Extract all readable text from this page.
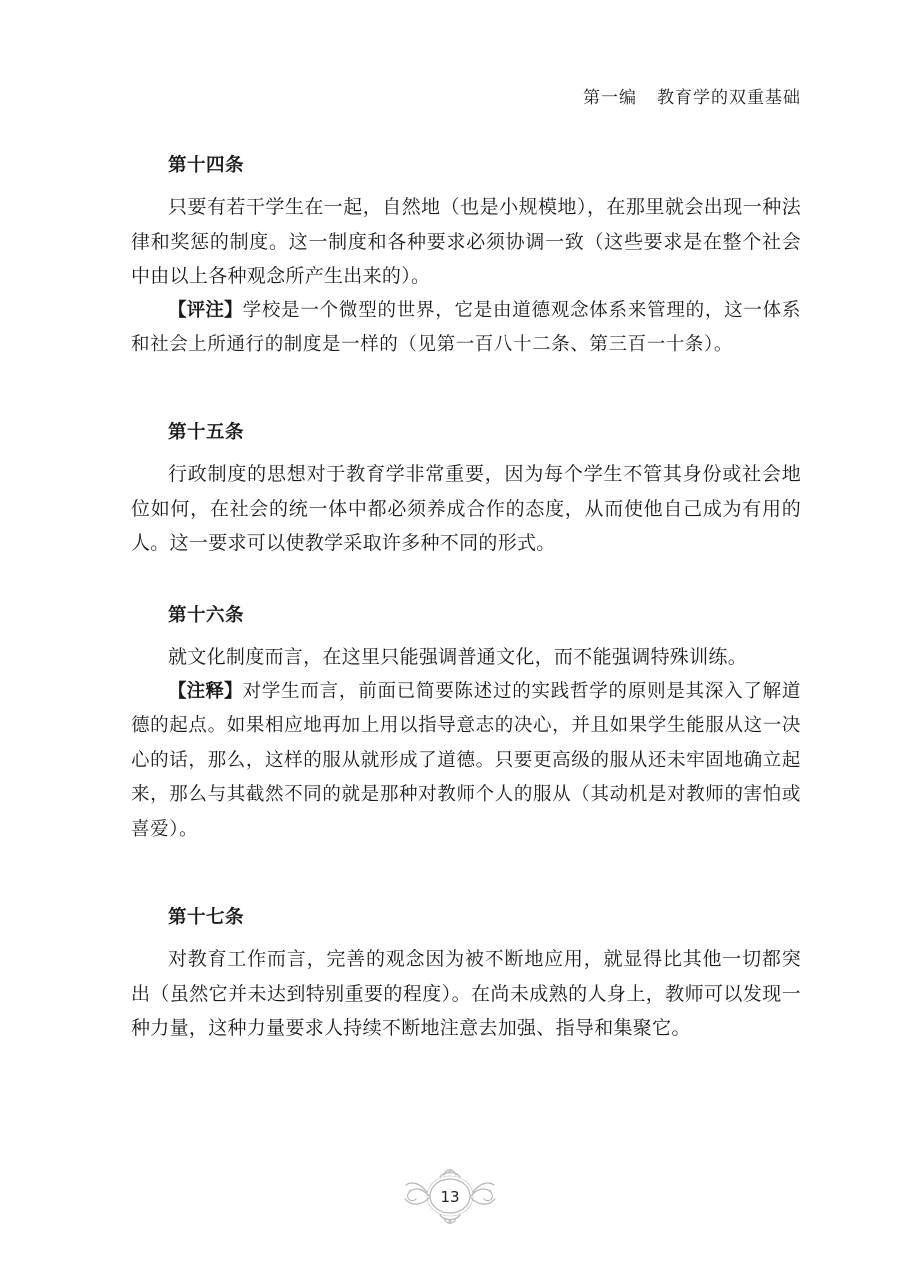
第一编 教育学的双重基础
第十四条

只要有若干学生在一起，自然地（也是小规模地），在那里就会出现一种法律和奖惩的制度。这一制度和各种要求必须协调一致（这些要求是在整个社会中由以上各种观念所产生出来的）。

【评注】学校是一个微型的世界，它是由道德观念体系来管理的，这一体系和社会上所通行的制度是一样的（见第一百八十二条、第三百一十条）。

第十五条

行政制度的思想对于教育学非常重要，因为每个学生不管其身份或社会地位如何，在社会的统一体中都必须养成合作的态度，从而使他自己成为有用的人。这一要求可以使教学采取许多种不同的形式。

第十六条

就文化制度而言，在这里只能强调普通文化，而不能强调特殊训练。

【注释】对学生而言，前面已简要陈述过的实践哲学的原则是其深入了解道德的起点。如果相应地再加上用以指导意志的决心，并且如果学生能服从这一决心的话，那么，这样的服从就形成了道德。只要更高级的服从还未牢固地确立起来，那么与其截然不同的就是那种对教师个人的服从（其动机是对教师的害怕或喜爱）。

第十七条

对教育工作而言，完善的观念因为被不断地应用，就显得比其他一切都突出（虽然它并未达到特别重要的程度）。在尚未成熟的人身上，教师可以发现一种力量，这种力量要求人持续不断地注意去加强、指导和集聚它。

13
